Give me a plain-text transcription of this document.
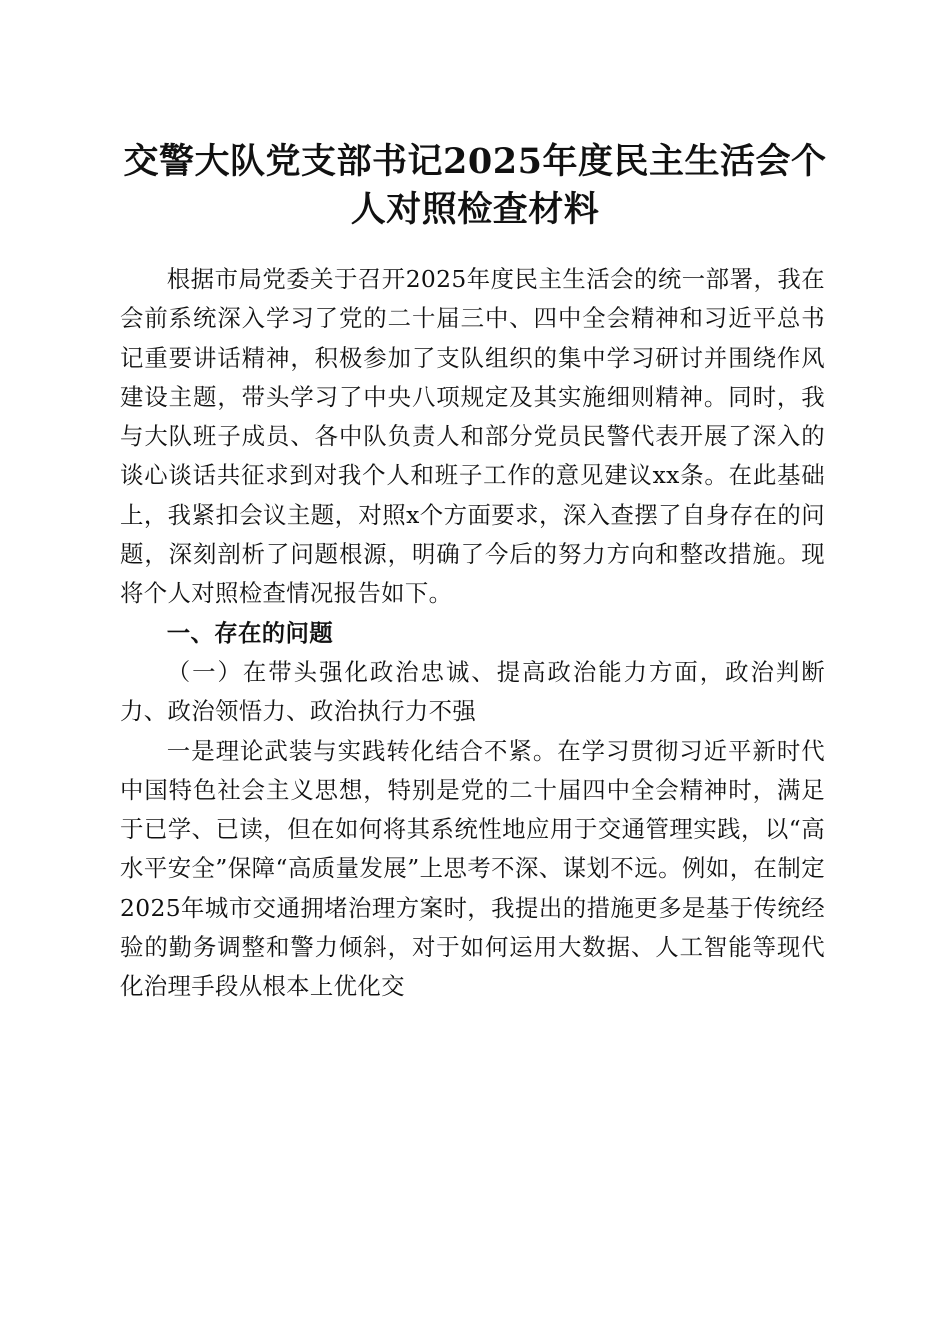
交警大队党支部书记2025年度民主生活会个人对照检查材料

根据市局党委关于召开2025年度民主生活会的统一部署，我在会前系统深入学习了党的二十届三中、四中全会精神和习近平总书记重要讲话精神，积极参加了支队组织的集中学习研讨并围绕作风建设主题，带头学习了中央八项规定及其实施细则精神。同时，我与大队班子成员、各中队负责人和部分党员民警代表开展了深入的谈心谈话共征求到对我个人和班子工作的意见建议xx条。在此基础上，我紧扣会议主题，对照x个方面要求，深入查摆了自身存在的问题，深刻剖析了问题根源，明确了今后的努力方向和整改措施。现将个人对照检查情况报告如下。

一、存在的问题

（一）在带头强化政治忠诚、提高政治能力方面，政治判断力、政治领悟力、政治执行力不强

一是理论武装与实践转化结合不紧。在学习贯彻习近平新时代中国特色社会主义思想，特别是党的二十届四中全会精神时，满足于已学、已读，但在如何将其系统性地应用于交通管理实践，以“高水平安全”保障“高质量发展”上思考不深、谋划不远。例如，在制定2025年城市交通拥堵治理方案时，我提出的措施更多是基于传统经验的勤务调整和警力倾斜，对于如何运用大数据、人工智能等现代化治理手段从根本上优化交
